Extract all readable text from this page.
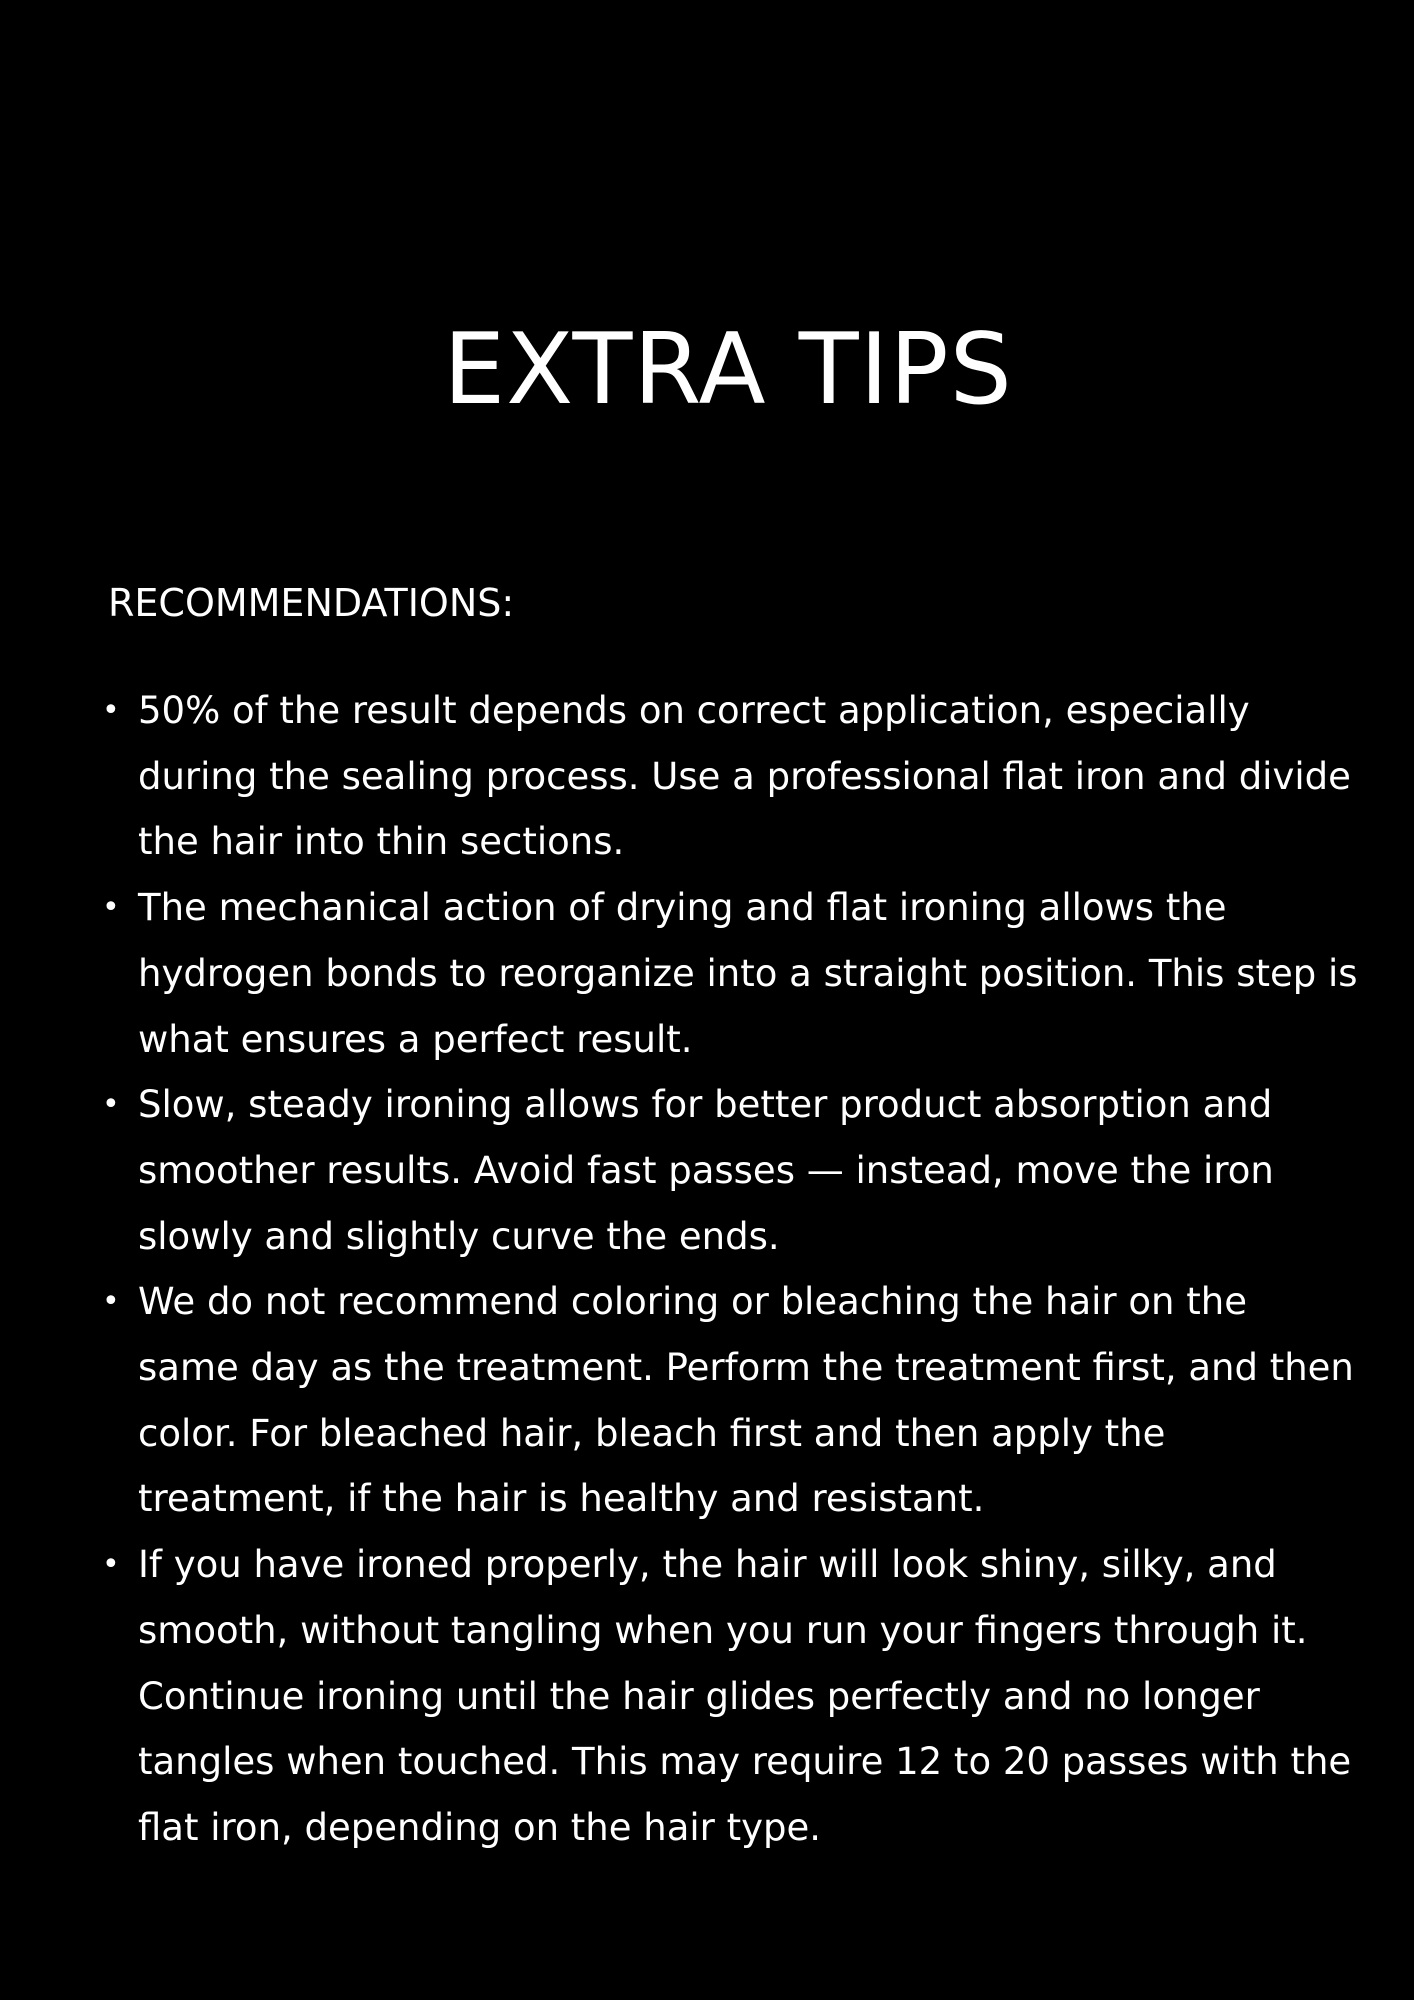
EXTRA TIPS
RECOMMENDATIONS:
• 50% of the result depends on correct application, especially during the sealing process. Use a professional flat iron and divide the hair into thin sections.
• The mechanical action of drying and flat ironing allows the hydrogen bonds to reorganize into a straight position. This step is what ensures a perfect result.
• Slow, steady ironing allows for better product absorption and smoother results. Avoid fast passes — instead, move the iron slowly and slightly curve the ends.
• We do not recommend coloring or bleaching the hair on the same day as the treatment. Perform the treatment first, and then color. For bleached hair, bleach first and then apply the treatment, if the hair is healthy and resistant.
• If you have ironed properly, the hair will look shiny, silky, and smooth, without tangling when you run your fingers through it. Continue ironing until the hair glides perfectly and no longer tangles when touched. This may require 12 to 20 passes with the flat iron, depending on the hair type.
